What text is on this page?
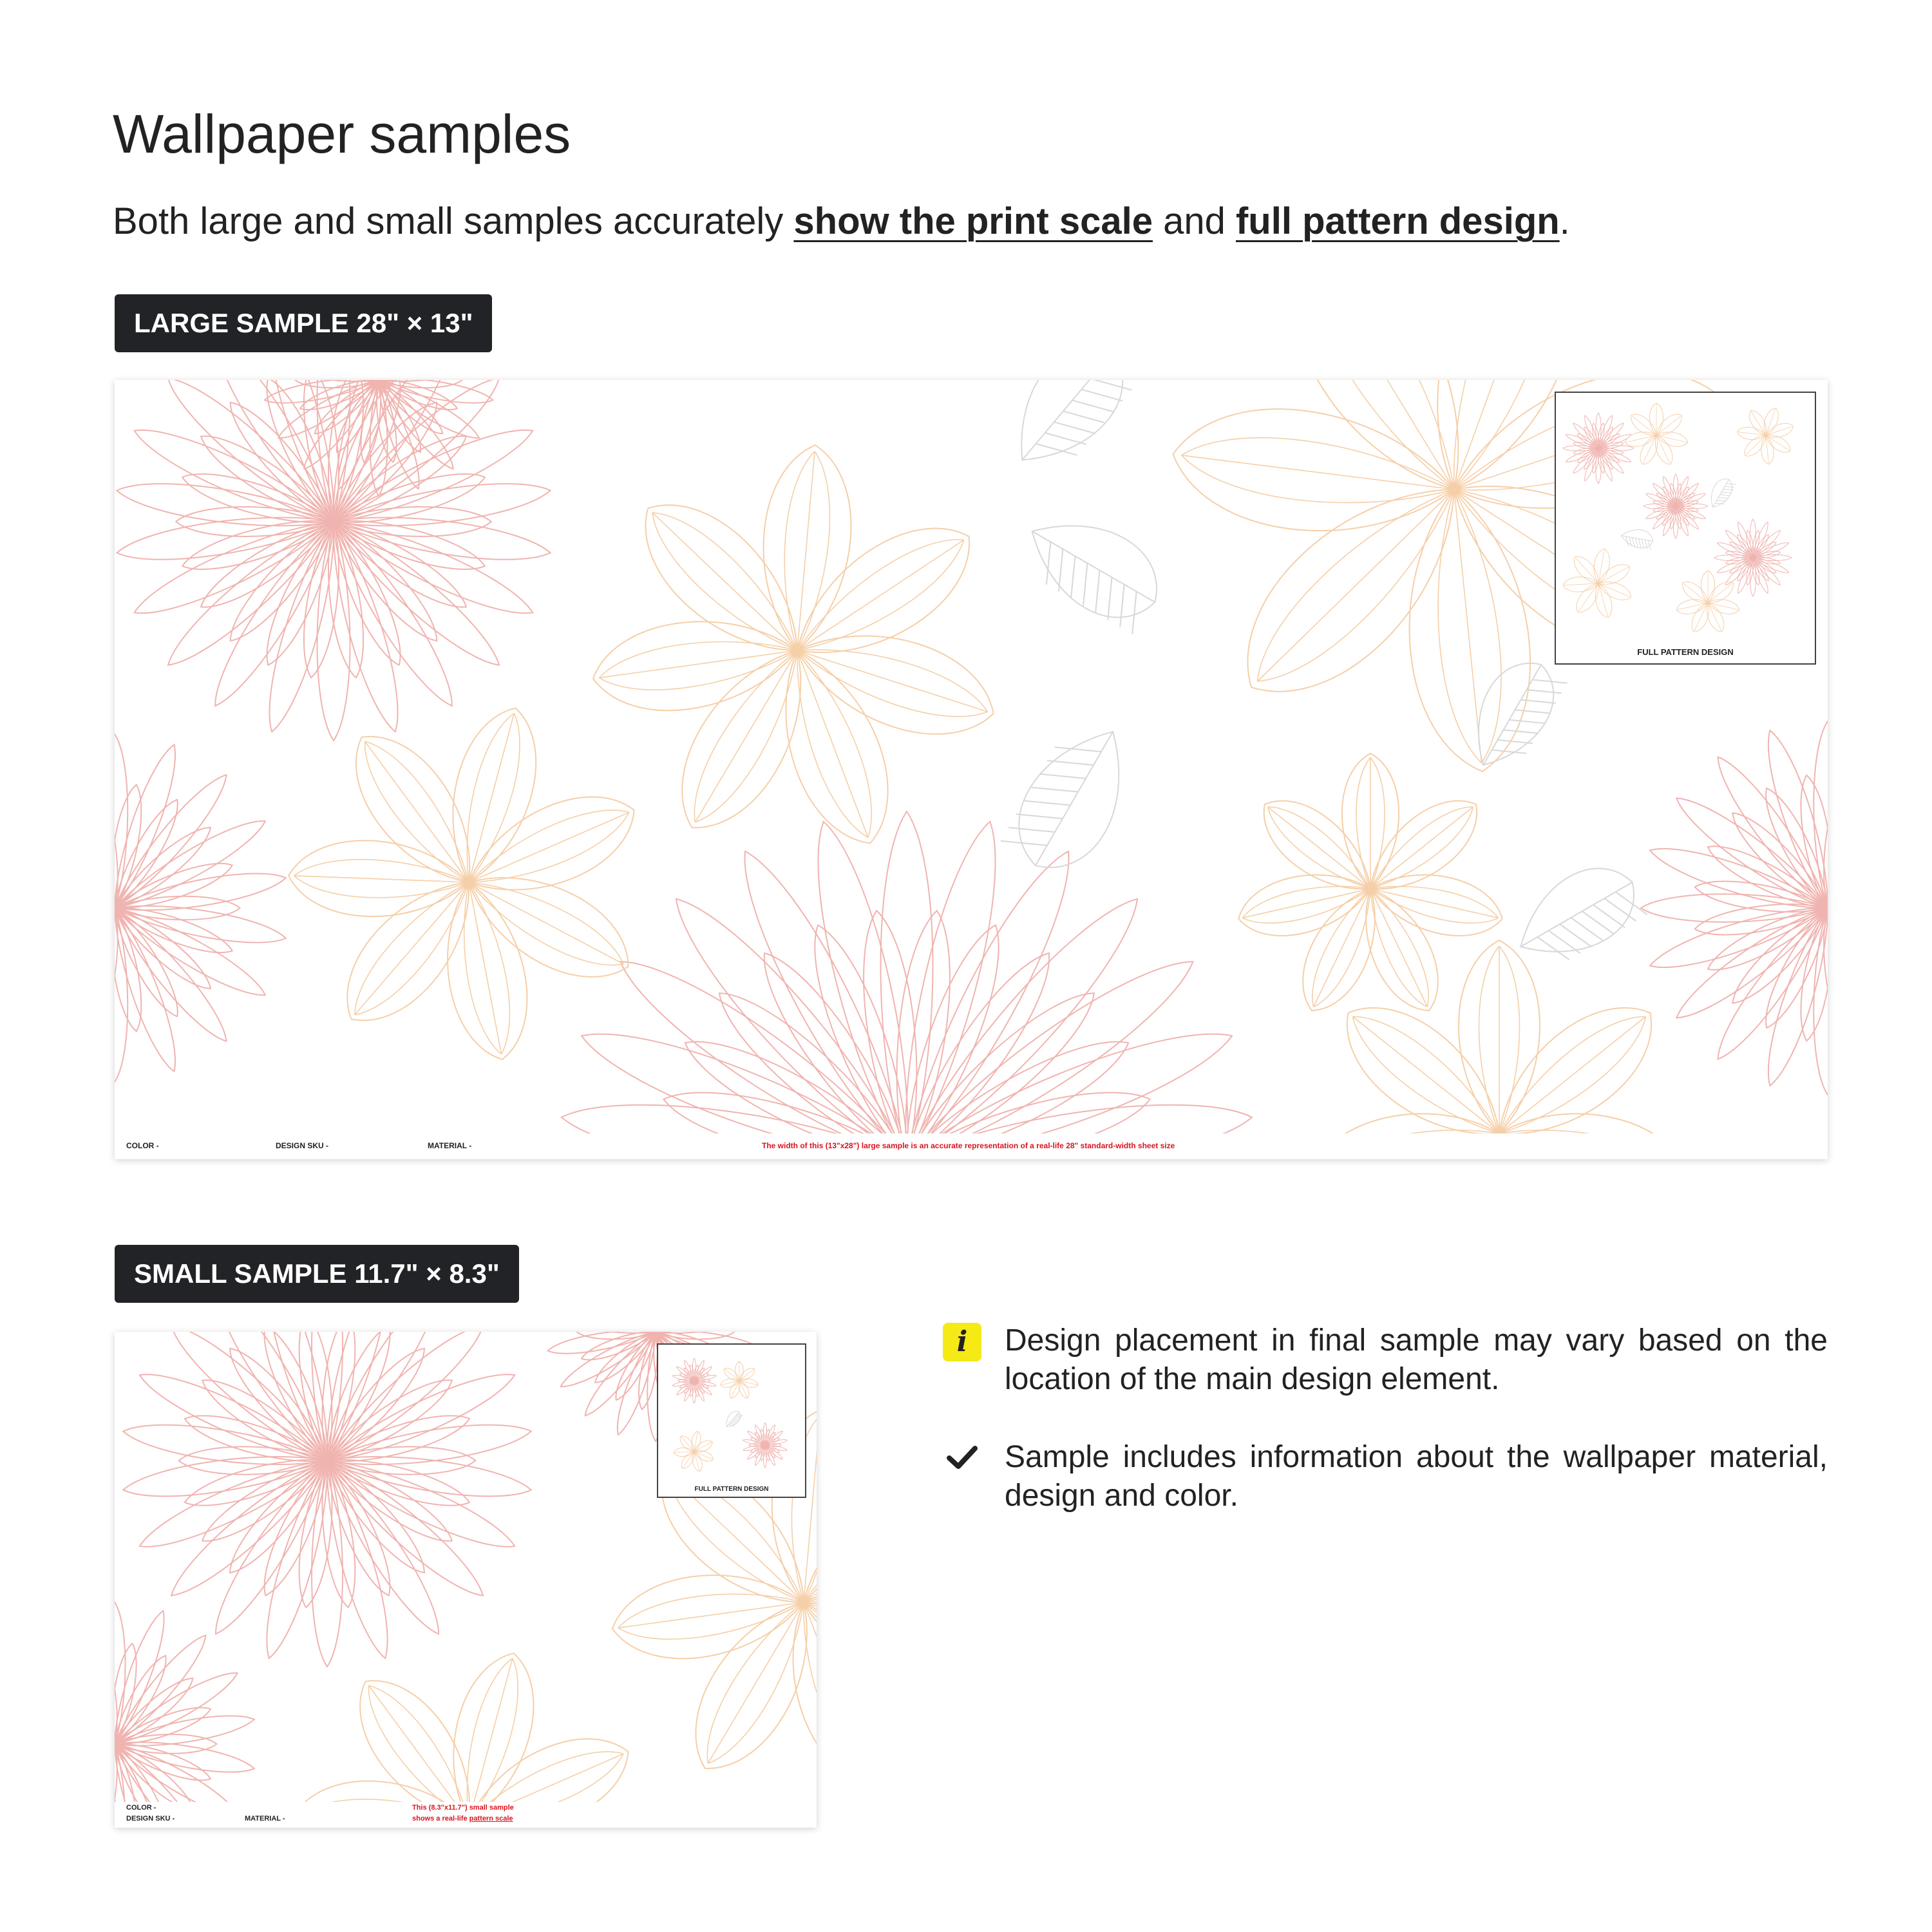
Wallpaper samples

Both large and small samples accurately show the print scale and full pattern design.

LARGE SAMPLE 28" × 13"
FULL PATTERN DESIGN
COLOR -	DESIGN SKU -	MATERIAL -	The width of this (13"x28") large sample is an accurate representation of a real-life 28" standard-width sheet size
SMALL SAMPLE 11.7" × 8.3"
FULL PATTERN DESIGN
COLOR -
DESIGN SKU -	MATERIAL -
This (8.3"x11.7") small sample
shows a real-life pattern scale
i	Design placement in final sample may vary based on the location of the main design element.
Sample includes information about the wallpaper material, design and color.
